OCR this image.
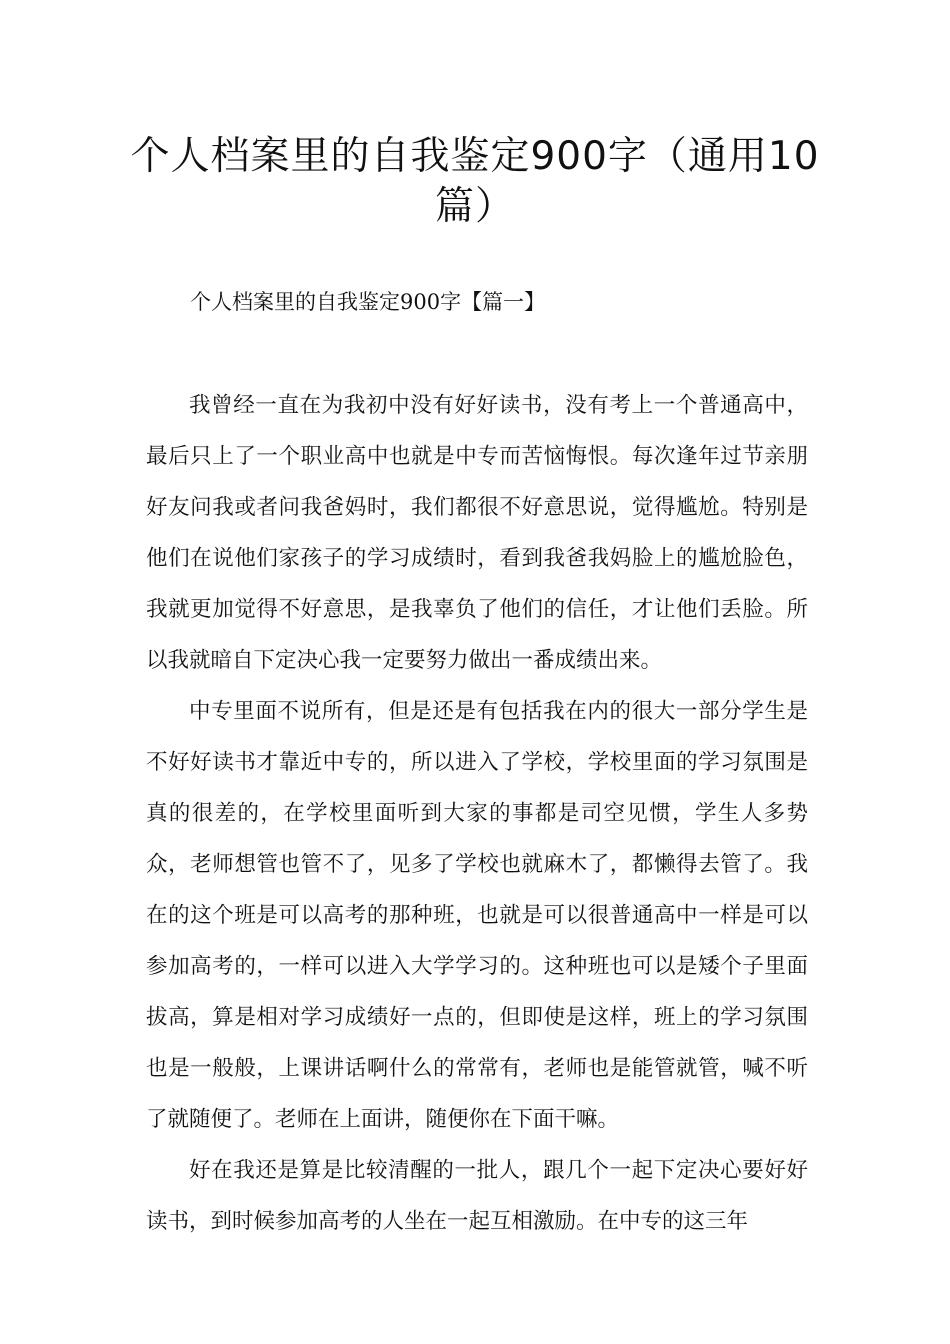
个人档案里的自我鉴定900字（通用10篇）
个人档案里的自我鉴定900字【篇一】

我曾经一直在为我初中没有好好读书，没有考上一个普通高中，最后只上了一个职业高中也就是中专而苦恼悔恨。每次逢年过节亲朋好友问我或者问我爸妈时，我们都很不好意思说，觉得尴尬。特别是他们在说他们家孩子的学习成绩时，看到我爸我妈脸上的尴尬脸色，我就更加觉得不好意思，是我辜负了他们的信任，才让他们丢脸。所以我就暗自下定决心我一定要努力做出一番成绩出来。

中专里面不说所有，但是还是有包括我在内的很大一部分学生是不好好读书才靠近中专的，所以进入了学校，学校里面的学习氛围是真的很差的，在学校里面听到大家的事都是司空见惯，学生人多势众，老师想管也管不了，见多了学校也就麻木了，都懒得去管了。我在的这个班是可以高考的那种班，也就是可以很普通高中一样是可以参加高考的，一样可以进入大学学习的。这种班也可以是矮个子里面拔高，算是相对学习成绩好一点的，但即使是这样，班上的学习氛围也是一般般，上课讲话啊什么的常常有，老师也是能管就管，喊不听了就随便了。老师在上面讲，随便你在下面干嘛。

好在我还是算是比较清醒的一批人，跟几个一起下定决心要好好读书，到时候参加高考的人坐在一起互相激励。在中专的这三年
